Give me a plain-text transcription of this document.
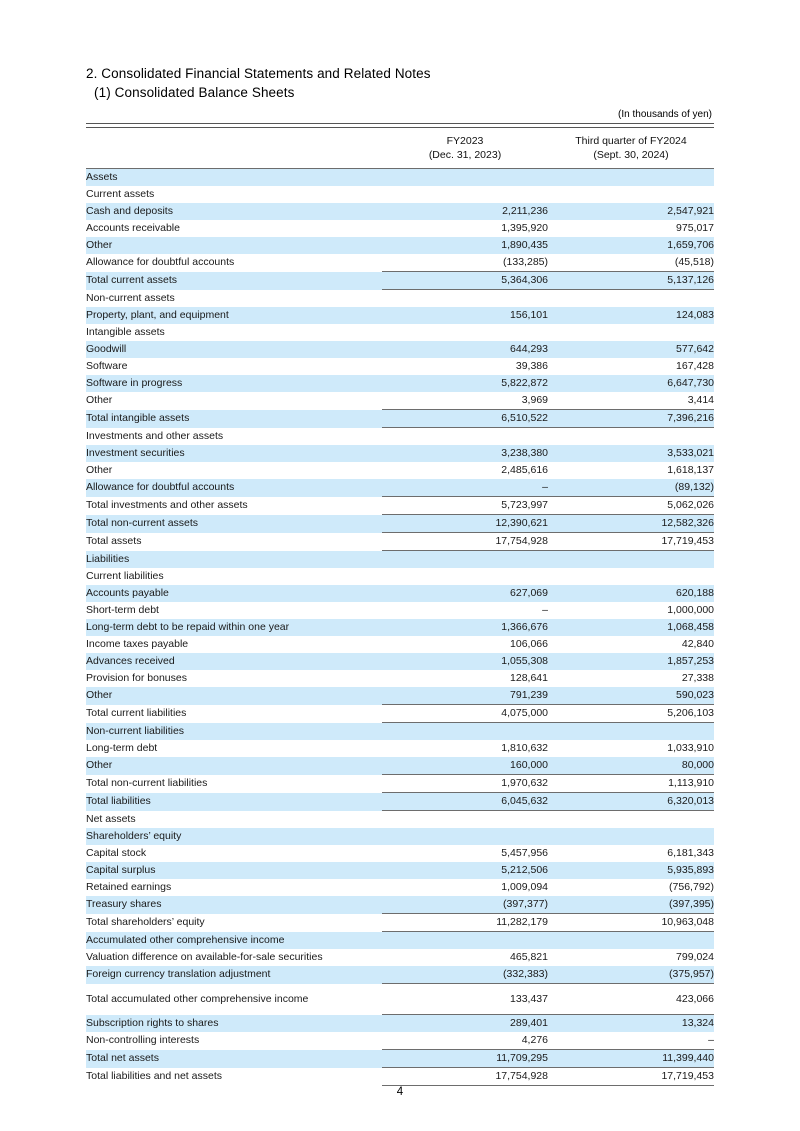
2. Consolidated Financial Statements and Related Notes
(1) Consolidated Balance Sheets
(In thousands of yen)

FY2023
(Dec. 31, 2023)

Third quarter of FY2024
(Sept. 30, 2024)

Assets		
Current assets		
Cash and deposits	2,211,236	2,547,921
Accounts receivable	1,395,920	975,017
Other	1,890,435	1,659,706
Allowance for doubtful accounts	(133,285)	(45,518)
Total current assets	5,364,306	5,137,126
Non-current assets		
Property, plant, and equipment	156,101	124,083
Intangible assets		
Goodwill	644,293	577,642
Software	39,386	167,428
Software in progress	5,822,872	6,647,730
Other	3,969	3,414
Total intangible assets	6,510,522	7,396,216
Investments and other assets		
Investment securities	3,238,380	3,533,021
Other	2,485,616	1,618,137
Allowance for doubtful accounts	–	(89,132)
Total investments and other assets	5,723,997	5,062,026
Total non-current assets	12,390,621	12,582,326
Total assets	17,754,928	17,719,453
Liabilities		
Current liabilities		
Accounts payable	627,069	620,188
Short-term debt	–	1,000,000
Long-term debt to be repaid within one year	1,366,676	1,068,458
Income taxes payable	106,066	42,840
Advances received	1,055,308	1,857,253
Provision for bonuses	128,641	27,338
Other	791,239	590,023
Total current liabilities	4,075,000	5,206,103
Non-current liabilities		
Long-term debt	1,810,632	1,033,910
Other	160,000	80,000
Total non-current liabilities	1,970,632	1,113,910
Total liabilities	6,045,632	6,320,013
Net assets		
Shareholders’ equity		
Capital stock	5,457,956	6,181,343
Capital surplus	5,212,506	5,935,893
Retained earnings	1,009,094	(756,792)
Treasury shares	(397,377)	(397,395)
Total shareholders’ equity	11,282,179	10,963,048
Accumulated other comprehensive income		
Valuation difference on available-for-sale securities	465,821	799,024
Foreign currency translation adjustment	(332,383)	(375,957)

Total accumulated other comprehensive income	133,437	423,066
Subscription rights to shares	289,401	13,324
Non-controlling interests	4,276	–
Total net assets	11,709,295	11,399,440
Total liabilities and net assets	17,754,928	17,719,453
4
